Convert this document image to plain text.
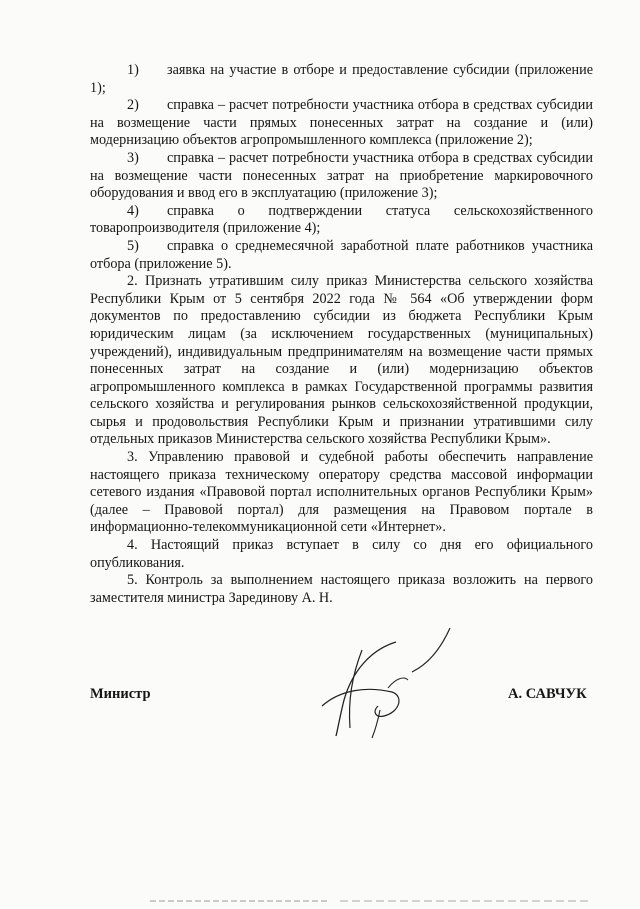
1) заявка на участие в отборе и предоставление субсидии (приложение 1);

2) справка – расчет потребности участника отбора в средствах субсидии на возмещение части прямых понесенных затрат на создание и (или) модернизацию объектов агропромышленного комплекса (приложение 2);

3) справка – расчет потребности участника отбора в средствах субсидии на возмещение части понесенных затрат на приобретение маркировочного оборудования и ввод его в эксплуатацию (приложение 3);

4) справка о подтверждении статуса сельскохозяйственного товаропроизводителя (приложение 4);

5) справка о среднемесячной заработной плате работников участника отбора (приложение 5).

2. Признать утратившим силу приказ Министерства сельского хозяйства Республики Крым от 5 сентября 2022 года № 564 «Об утверждении форм документов по предоставлению субсидии из бюджета Республики Крым юридическим лицам (за исключением государственных (муниципальных) учреждений), индивидуальным предпринимателям на возмещение части прямых понесенных затрат на создание и (или) модернизацию объектов агропромышленного комплекса в рамках Государственной программы развития сельского хозяйства и регулирования рынков сельскохозяйственной продукции, сырья и продовольствия Республики Крым и признании утратившими силу отдельных приказов Министерства сельского хозяйства Республики Крым».

3. Управлению правовой и судебной работы обеспечить направление настоящего приказа техническому оператору средства массовой информации сетевого издания «Правовой портал исполнительных органов Республики Крым» (далее – Правовой портал) для размещения на Правовом портале в информационно-телекоммуникационной сети «Интернет».

4. Настоящий приказ вступает в силу со дня его официального опубликования.

5. Контроль за выполнением настоящего приказа возложить на первого заместителя министра Зарединову А. Н.

Министр	А. САВЧУК
